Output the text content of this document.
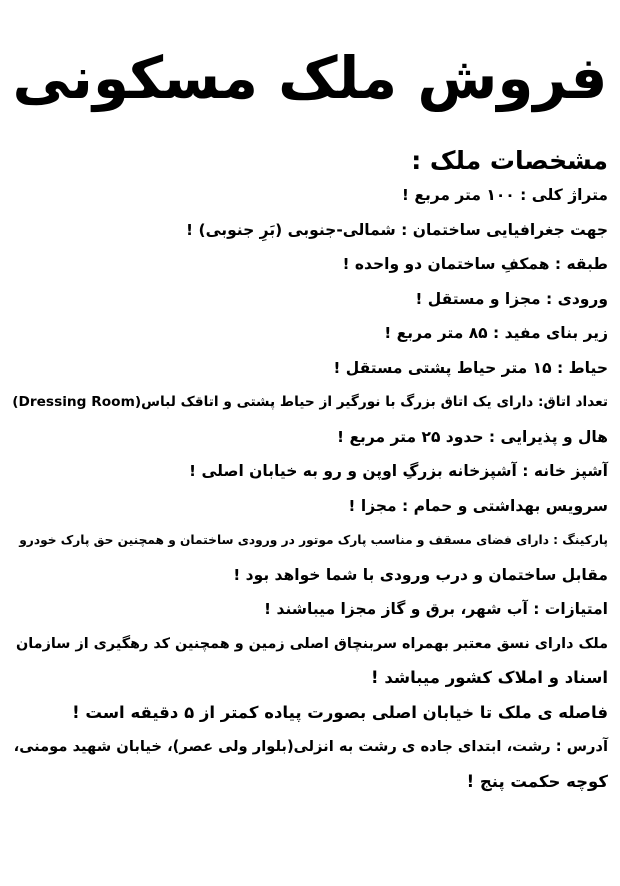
فروش ملک مسکونی
مشخصات ملک :
متراژ کلی : ۱۰۰ متر مربع !
جهت جغرافیایی ساختمان : شمالی-جنوبی (بَرِ جنوبی) !
طبقه : همکفِ ساختمان دو واحده !
ورودی : مجزا و مستقل !
زیر بنای مفید : ۸۵ متر مربع !
حیاط : ۱۵ متر حیاط پشتی مستقل !
تعداد اتاق: دارای یک اتاق بزرگ با نورگیر از حیاط پشتی و اتاقک لباس(Dressing Room)
هال و پذیرایی : حدود ۲۵ متر مربع !
آشپز خانه : آشپزخانه بزرگِ اوپن و رو به خیابان اصلی !
سرویس بهداشتی و حمام : مجزا !
پارکینگ : دارای فضای مسقف و مناسب پارک موتور در ورودی ساختمان و همچنین حق پارک خودرو
مقابل ساختمان و درب ورودی با شما خواهد بود !
امتیازات : آب شهر، برق و گاز مجزا میباشند !
ملک دارای نسق معتبر بهمراه سربنچاق اصلی زمین و همچنین کد رهگیری از سازمان
اسناد و املاک کشور میباشد !
فاصله ی ملک تا خیابان اصلی بصورت پیاده کمتر از ۵ دقیقه است !
آدرس : رشت، ابتدای جاده ی رشت به انزلی(بلوار ولی عصر)، خیابان شهید مومنی،
کوچه حکمت پنج !
